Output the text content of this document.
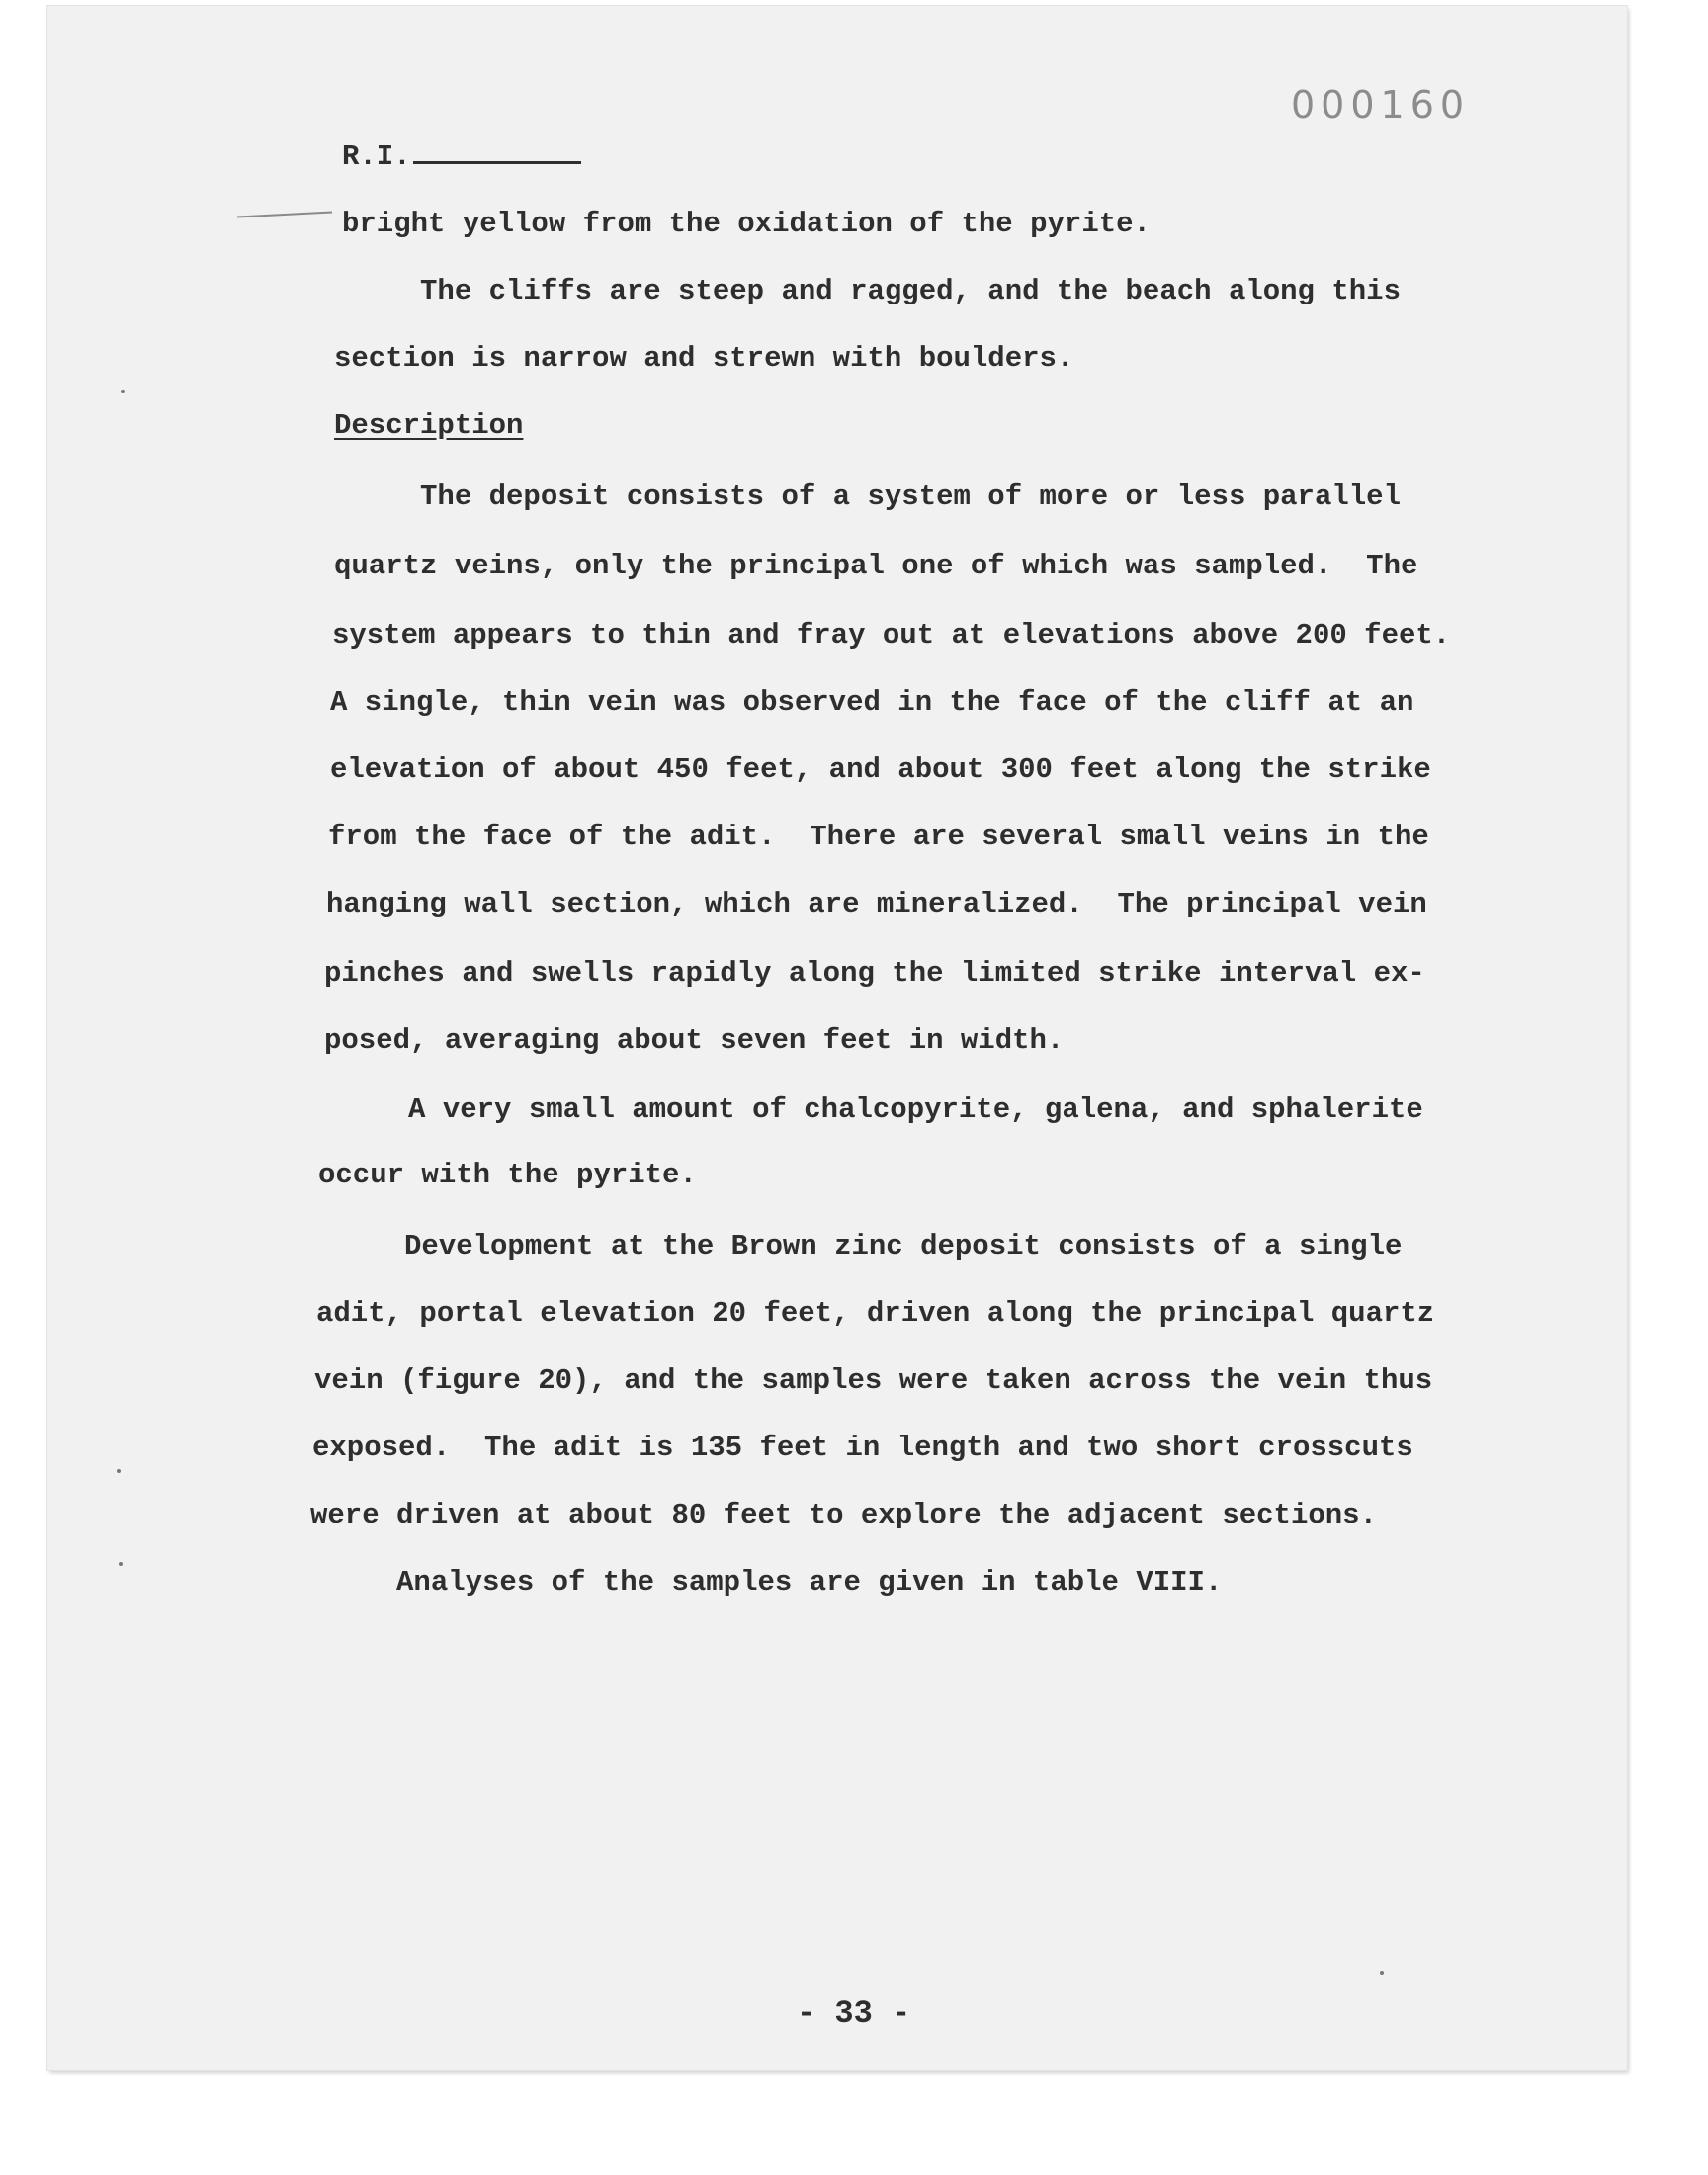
000160
R.I.
bright yellow from the oxidation of the pyrite.
The cliffs are steep and ragged, and the beach along this
section is narrow and strewn with boulders.
Description
The deposit consists of a system of more or less parallel
quartz veins, only the principal one of which was sampled.  The
system appears to thin and fray out at elevations above 200 feet.
A single, thin vein was observed in the face of the cliff at an
elevation of about 450 feet, and about 300 feet along the strike
from the face of the adit.  There are several small veins in the
hanging wall section, which are mineralized.  The principal vein
pinches and swells rapidly along the limited strike interval ex-
posed, averaging about seven feet in width.
A very small amount of chalcopyrite, galena, and sphalerite
occur with the pyrite.
Development at the Brown zinc deposit consists of a single
adit, portal elevation 20 feet, driven along the principal quartz
vein (figure 20), and the samples were taken across the vein thus
exposed.  The adit is 135 feet in length and two short crosscuts
were driven at about 80 feet to explore the adjacent sections.
Analyses of the samples are given in table VIII.
- 33 -
